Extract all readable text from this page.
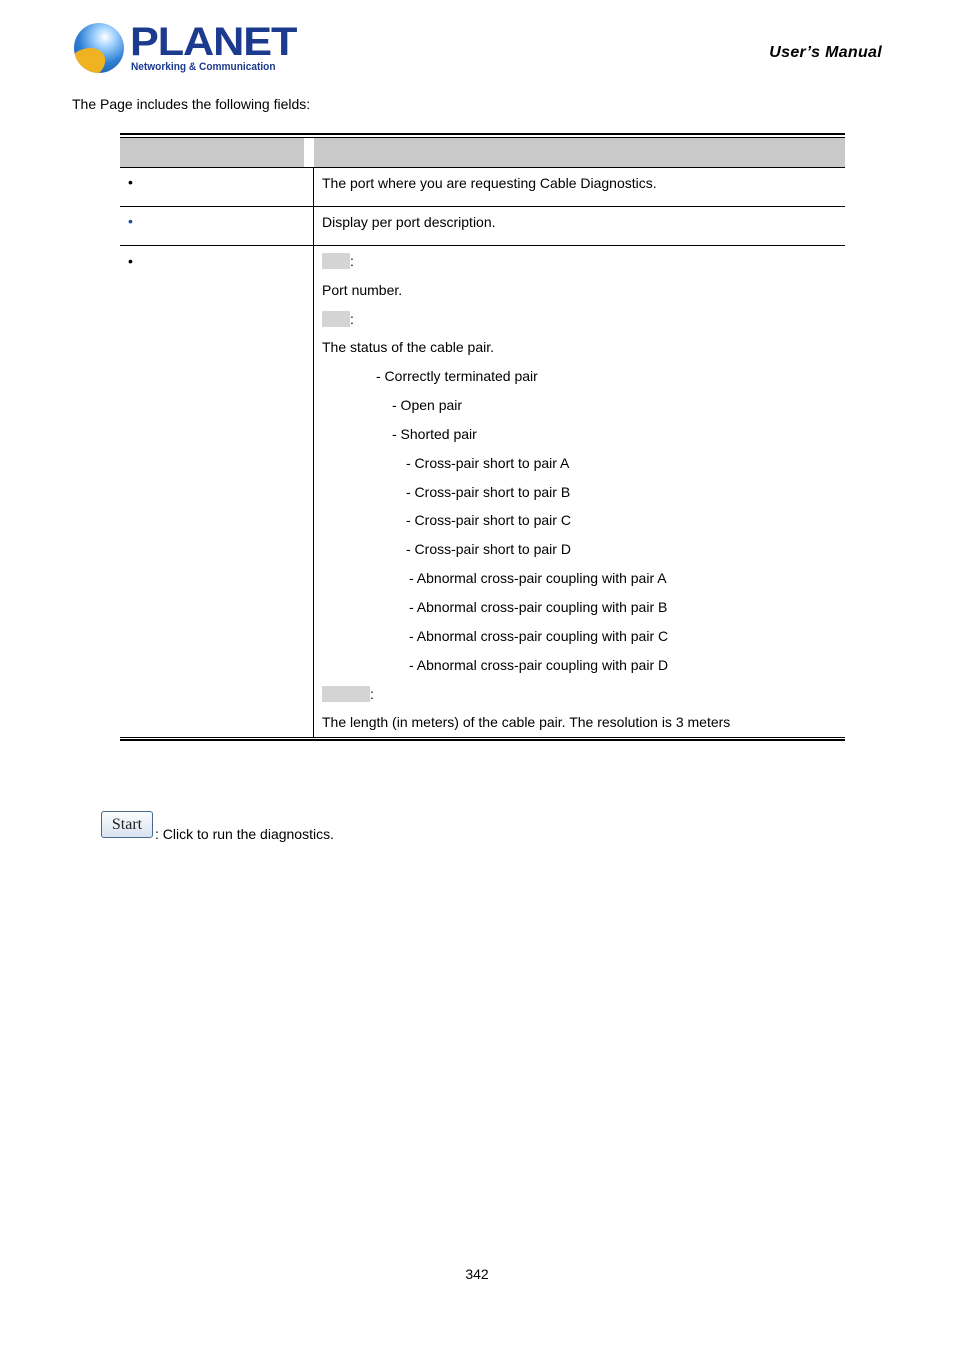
PLANET
Networking & Communication
User’s Manual
The Page includes the following fields:
•	The port where you are requesting Cable Diagnostics.
•	Display per port description.
•	:
Port number.
:
The status of the cable pair.
- Correctly terminated pair
- Open pair
- Shorted pair
- Cross-pair short to pair A
- Cross-pair short to pair B
- Cross-pair short to pair C
- Cross-pair short to pair D
- Abnormal cross-pair coupling with pair A
- Abnormal cross-pair coupling with pair B
- Abnormal cross-pair coupling with pair C
- Abnormal cross-pair coupling with pair D
:
The length (in meters) of the cable pair. The resolution is 3 meters
Start
: Click to run the diagnostics.
342
